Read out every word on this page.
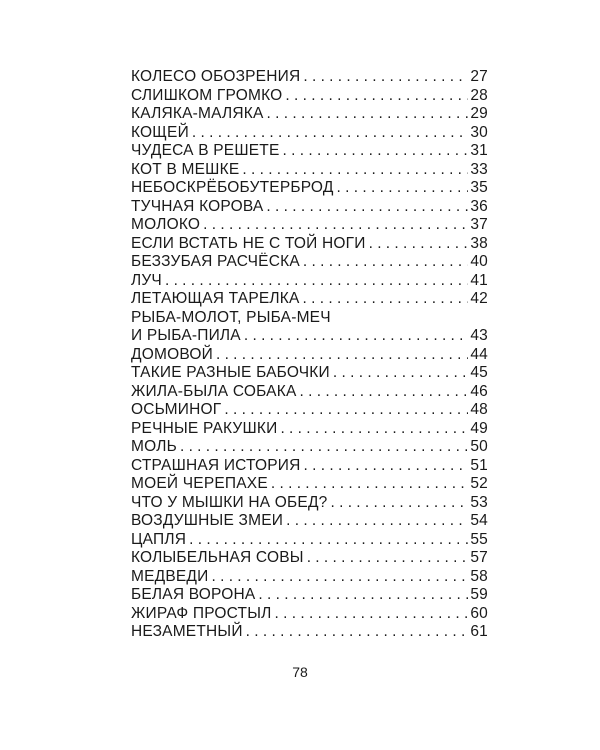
КОЛЕСО ОБОЗРЕНИЯ . . .	27
СЛИШКОМ ГРОМКО . . .	28
КАЛЯКА-МАЛЯКА . . .	29
КОЩЕЙ . . .	30
ЧУДЕСА В РЕШЕТЕ . . .	31
КОТ В МЕШКЕ . . .	33
НЕБОСКРЁБОБУТЕРБРОД . . .	35
ТУЧНАЯ КОРОВА . . .	36
МОЛОКО . . .	37
ЕСЛИ ВСТАТЬ НЕ С ТОЙ НОГИ . . .	38
БЕЗЗУБАЯ РАСЧЁСКА . . .	40
ЛУЧ . . .	41
ЛЕТАЮЩАЯ ТАРЕЛКА . . .	42
РЫБА-МОЛОТ, РЫБА-МЕЧ
И РЫБА-ПИЛА . . .	43
ДОМОВОЙ . . .	44
ТАКИЕ РАЗНЫЕ БАБОЧКИ . . .	45
ЖИЛА-БЫЛА СОБАКА . . .	46
ОСЬМИНОГ . . .	48
РЕЧНЫЕ РАКУШКИ . . .	49
МОЛЬ . . .	50
СТРАШНАЯ ИСТОРИЯ . . .	51
МОЕЙ ЧЕРЕПАХЕ . . .	52
ЧТО У МЫШКИ НА ОБЕД? . . .	53
ВОЗДУШНЫЕ ЗМЕИ . . .	54
ЦАПЛЯ . . .	55
КОЛЫБЕЛЬНАЯ СОВЫ . . .	57
МЕДВЕДИ . . .	58
БЕЛАЯ ВОРОНА . . .	59
ЖИРАФ ПРОСТЫЛ . . .	60
НЕЗАМЕТНЫЙ . . .	61
78
